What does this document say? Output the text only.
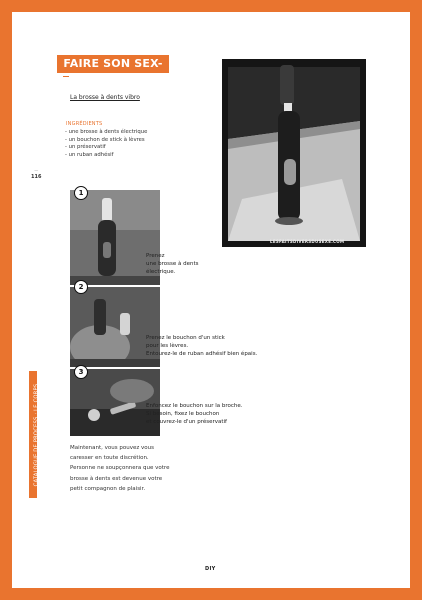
FAIRE SON SEX-TOY
La brosse à dents vibro
INGRÉDIENTS
- une brosse à dents électrique
- un bouchon de stick à lèvres
- un préservatif
- un ruban adhésif
—
116
CATALOGUE DE PROCESS : LE CORPS
LESFAITSDIVERSDUSEXE.COM
1
Prenez
une brosse à dents
électrique.
2
Prenez le bouchon d'un stick
pour les lèvres.
Entourez-le de ruban adhésif bien épais.
3
Enfoncez le bouchon sur la broche.
Si besoin, fixez le bouchon
et couvrez-le d'un préservatif
Maintenant, vous pouvez vous
caresser en toute discrétion.
Personne ne soupçonnera que votre
brosse à dents est devenue votre
petit compagnon de plaisir.
DIY
